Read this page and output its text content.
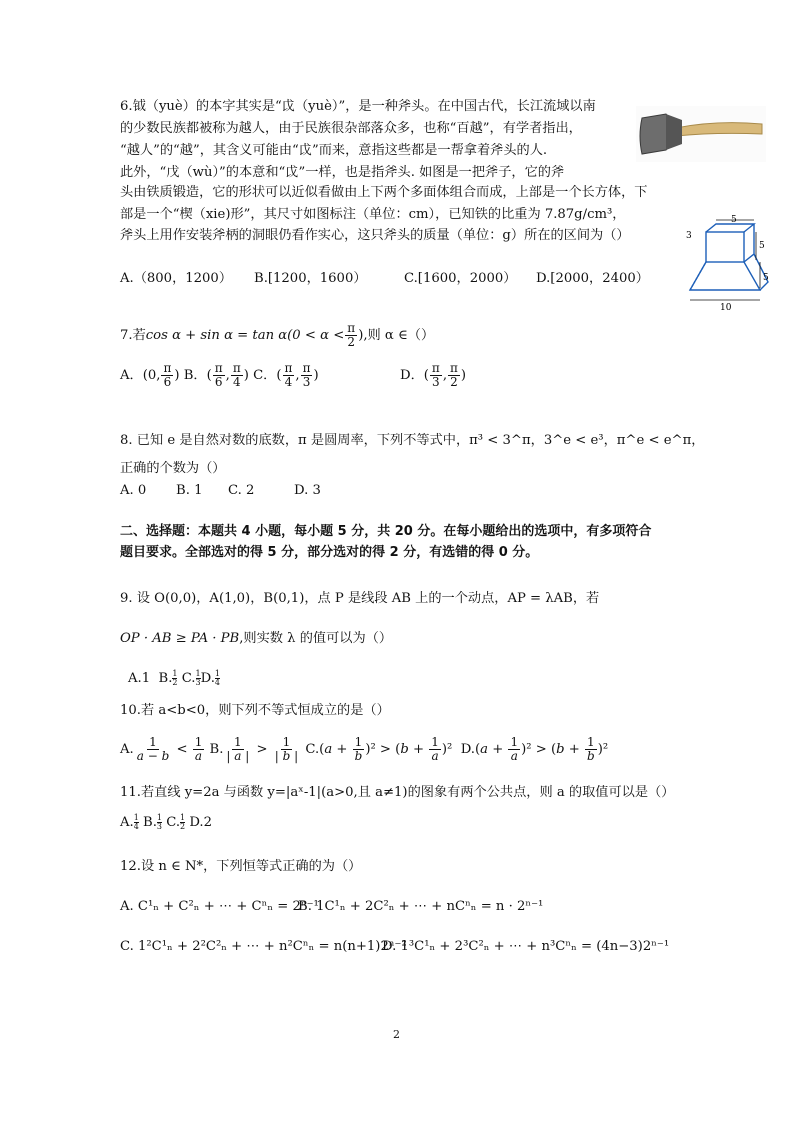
6.钺（yuè）的本字其实是“戉（yuè）”，是一种斧头。在中国古代，长江流域以南
的少数民族都被称为越人，由于民族很杂部落众多，也称“百越”，有学者指出，
“越人”的“越”，其含义可能由“戉”而来，意指这些都是一帮拿着斧头的人.
此外，“戊（wù）”的本意和“戉”一样，也是指斧头. 如图是一把斧子，它的斧
头由铁质锻造，它的形状可以近似看做由上下两个多面体组合而成，上部是一个长方体，下
部是一个“楔（xie)形”，其尺寸如图标注（单位：cm），已知铁的比重为 7.87g/cm³，
斧头上用作安装斧柄的洞眼仍看作实心，这只斧头的质量（单位：g）所在的区间为（）
5
3
5
5
10
A.（800，1200） B.[1200，1600）	C.[1600，2000） D.[2000，2400）
7.若$\cos \alpha + \sin \alpha = \tan \alpha(0 < \alpha < \frac{\pi}{2}$ ),则 α ∈（）
A．(0, $\frac{\pi}{6}$ ) B．( $\frac{\pi}{6}$ , $\frac{\pi}{4}$ ) C．( $\frac{\pi}{4}$ , $\frac{\pi}{3}$ )	D．( $\frac{\pi}{3}$ , $\frac{\pi}{2}$ )
8. 已知 e 是自然对数的底数，π 是圆周率，下列不等式中，π³ < 3^π，3^e < e³，π^e < e^π，
正确的个数为（）
A. 0 B. 1 C. 2	D. 3
二、选择题：本题共 4 小题，每小题 5 分，共 20 分。在每小题给出的选项中，有多项符合
题目要求。全部选对的得 5 分，部分选对的得 2 分，有选错的得 0 分。
9. 设 O(0,0)，A(1,0)，B(0,1)，点 P 是线段 AB 上的一个动点，AP = λAB，若
OP · AB ≥ PA · PB,则实数 λ 的值可以为（）
A.1 B. $\frac{1}{2} C$. $\frac{1}{3} D$. $\frac{1}{4}$
10.若 a<b<0，则下列不等式恒成立的是（）
A. $\frac{1}{a - b} < \frac{1}{a} B$. $\frac{1}{| a |} > \frac{1}{| b |} C.(a + \frac{1}{b} )^2 > (b + \frac{1}{a} )^2$  $D.(a + \frac{1}{a} )^2 > (b + \frac{1}{b} )^2$
11.若直线 y=2a 与函数 y=|aˣ-1|(a>0,且 a≠1)的图象有两个公共点，则 a 的取值可以是（）
A. $\frac{1}{4} B$. $\frac{1}{3} C$. $\frac{1}{2} D.2$
12.设 n ∈ N*，下列恒等式正确的为（）
A. C¹ₙ + C²ₙ + ⋯ + Cⁿₙ = 2ⁿ⁻¹
B. 1C¹ₙ + 2C²ₙ + ⋯ + nCⁿₙ = n · 2ⁿ⁻¹
C. 1²C¹ₙ + 2²C²ₙ + ⋯ + n²Cⁿₙ = n(n+1)2ⁿ⁻²
D. 1³C¹ₙ + 2³C²ₙ + ⋯ + n³Cⁿₙ = (4n−3)2ⁿ⁻¹
2
